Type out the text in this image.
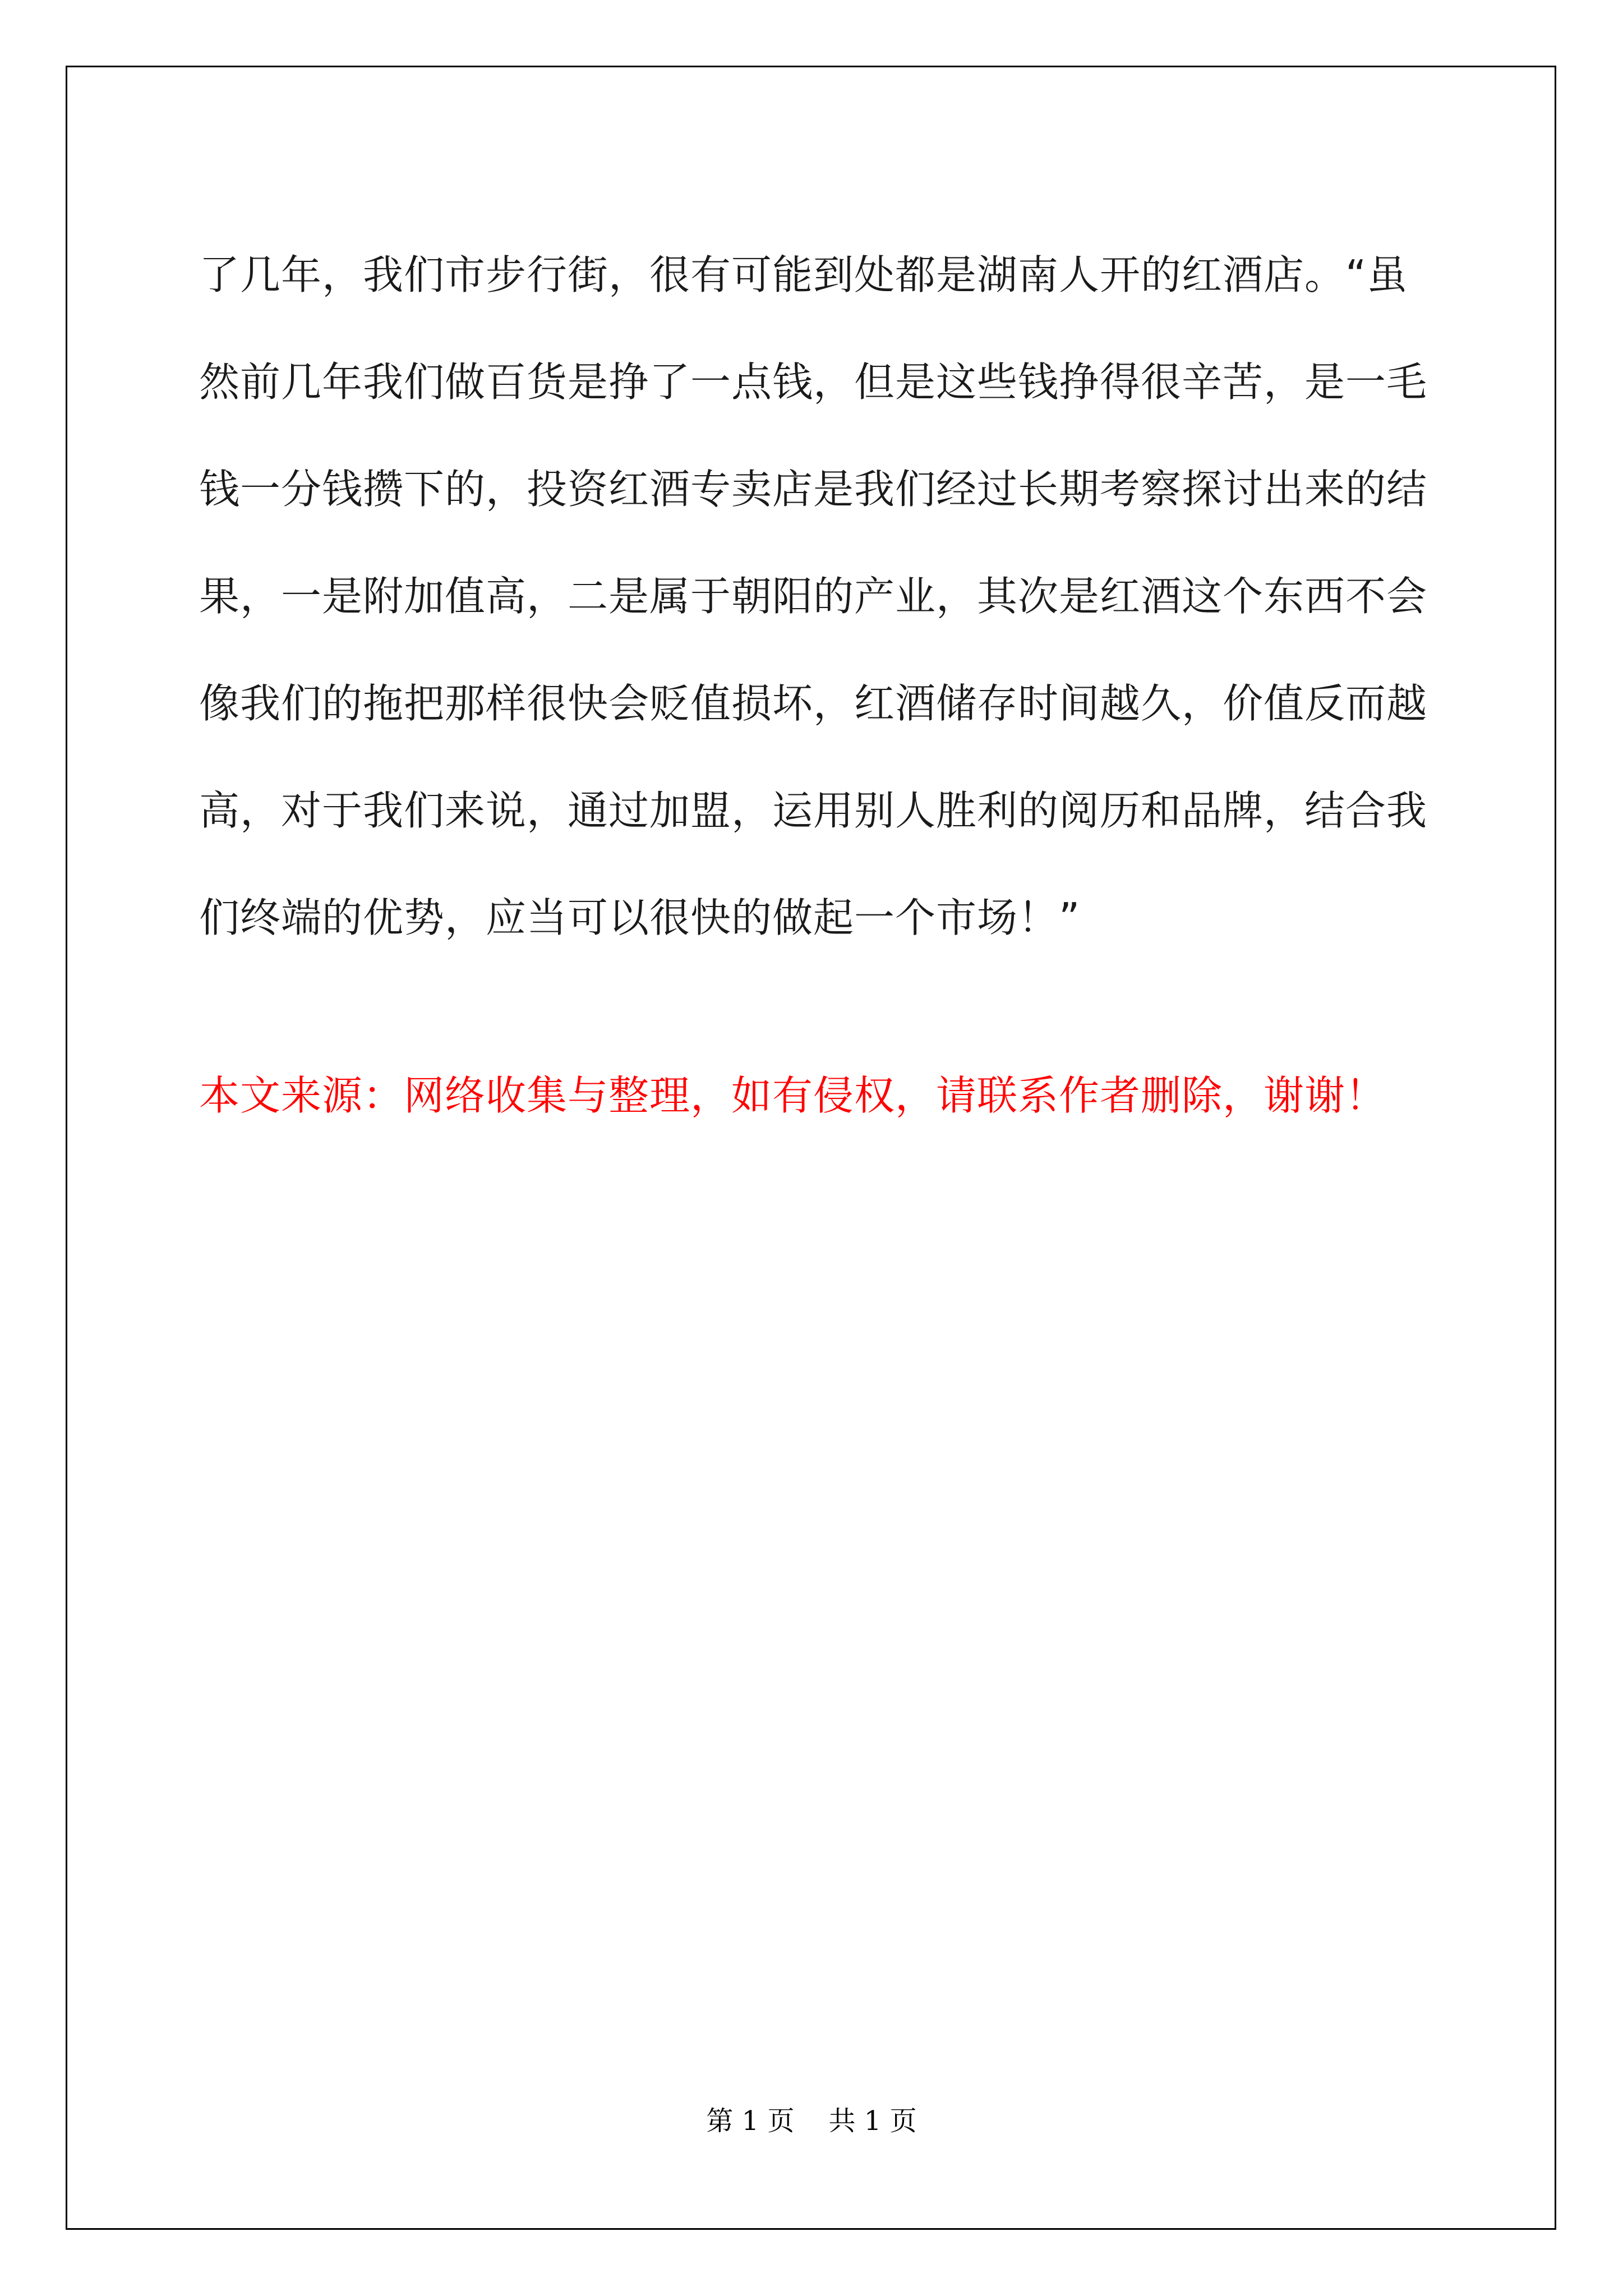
了几年，我们市步行街，很有可能到处都是湖南人开的红酒店。“虽
然前几年我们做百货是挣了一点钱，但是这些钱挣得很辛苦，是一毛
钱一分钱攒下的，投资红酒专卖店是我们经过长期考察探讨出来的结
果，一是附加值高，二是属于朝阳的产业，其次是红酒这个东西不会
像我们的拖把那样很快会贬值损坏，红酒储存时间越久，价值反而越
高，对于我们来说，通过加盟，运用别人胜利的阅历和品牌，结合我
们终端的优势，应当可以很快的做起一个市场！”

本文来源：网络收集与整理，如有侵权，请联系作者删除，谢谢！

第 1 页    共 1 页
